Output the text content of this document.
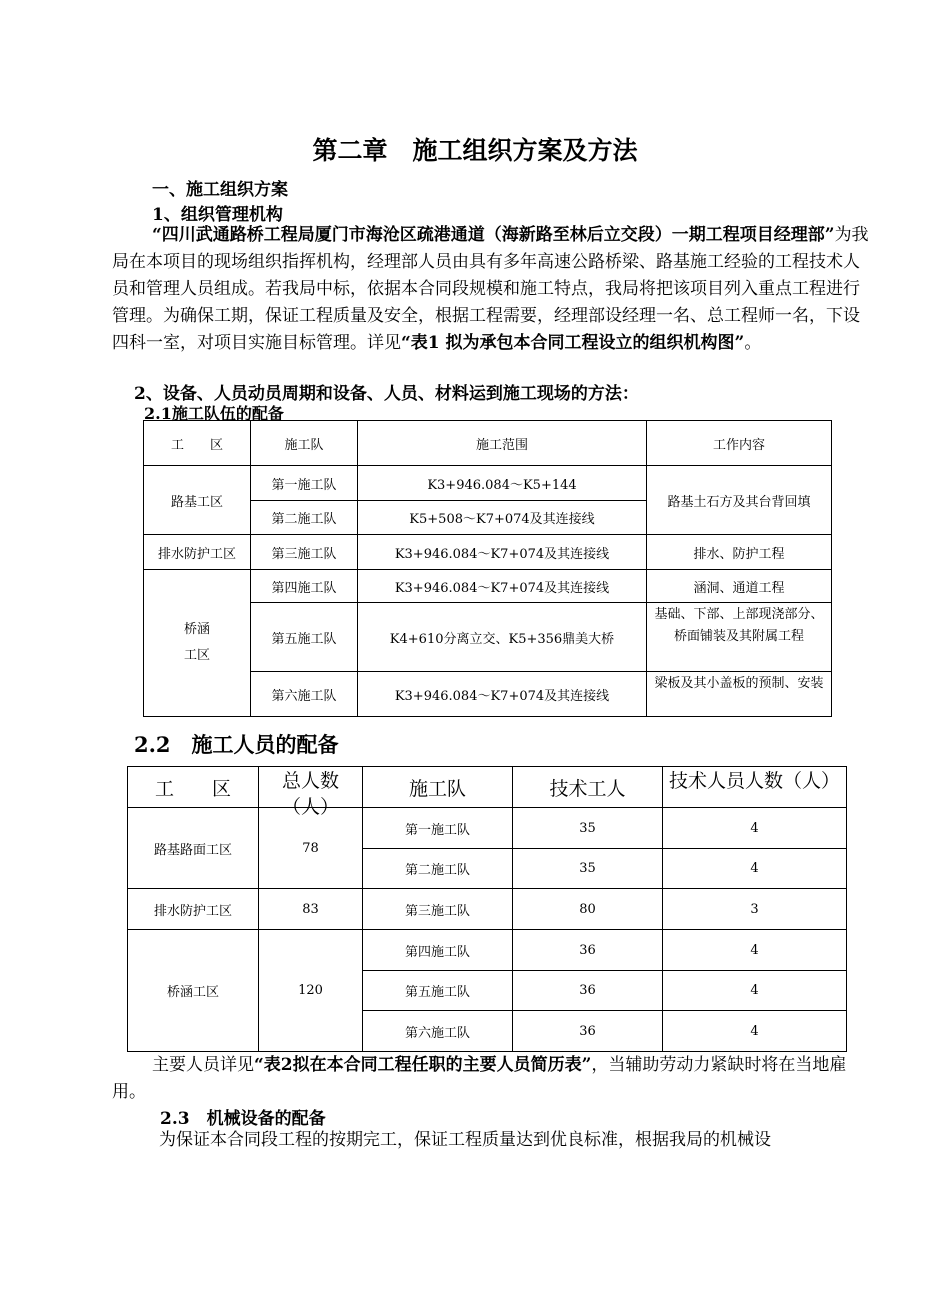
第二章　施工组织方案及方法
一、施工组织方案
1、组织管理机构
“四川武通路桥工程局厦门市海沧区疏港通道（海新路至林后立交段）一期工程项目经理部”为我局在本项目的现场组织指挥机构，经理部人员由具有多年高速公路桥梁、路基施工经验的工程技术人员和管理人员组成。若我局中标，依据本合同段规模和施工特点，我局将把该项目列入重点工程进行管理。为确保工期，保证工程质量及安全，根据工程需要，经理部设经理一名、总工程师一名，下设四科一室，对项目实施目标管理。详见“表1 拟为承包本合同工程设立的组织机构图”。
2、设备、人员动员周期和设备、人员、材料运到施工现场的方法：
2.1施工队伍的配备
工　　区	施工队	施工范围	工作内容
路基工区	第一施工队	K3+946.084～K5+144	路基土石方及其台背回填
	第二施工队	K5+508～K7+074及其连接线	
排水防护工区	第三施工队	K3+946.084～K7+074及其连接线	排水、防护工程

桥涵
工区	第四施工队	K3+946.084～K7+074及其连接线	涵洞、通道工程
	第五施工队	K4+610分离立交、K5+356鼎美大桥	基础、下部、上部现浇部分、桥面铺装及其附属工程

	第六施工队	K3+946.084～K7+074及其连接线	梁板及其小盖板的预制、安装
2.2　施工人员的配备
工　　区	总人数（人）	施工队	技术工人	技术人员人数（人）

路基路面工区	78	第一施工队	35	4
		第二施工队	35	4
排水防护工区	83	第三施工队	80	3
桥涵工区	120	第四施工队	36	4
		第五施工队	36	4
		第六施工队	36	4
主要人员详见“表2拟在本合同工程任职的主要人员简历表”，当辅助劳动力紧缺时将在当地雇用。
2.3　机械设备的配备
为保证本合同段工程的按期完工，保证工程质量达到优良标准，根据我局的机械设
